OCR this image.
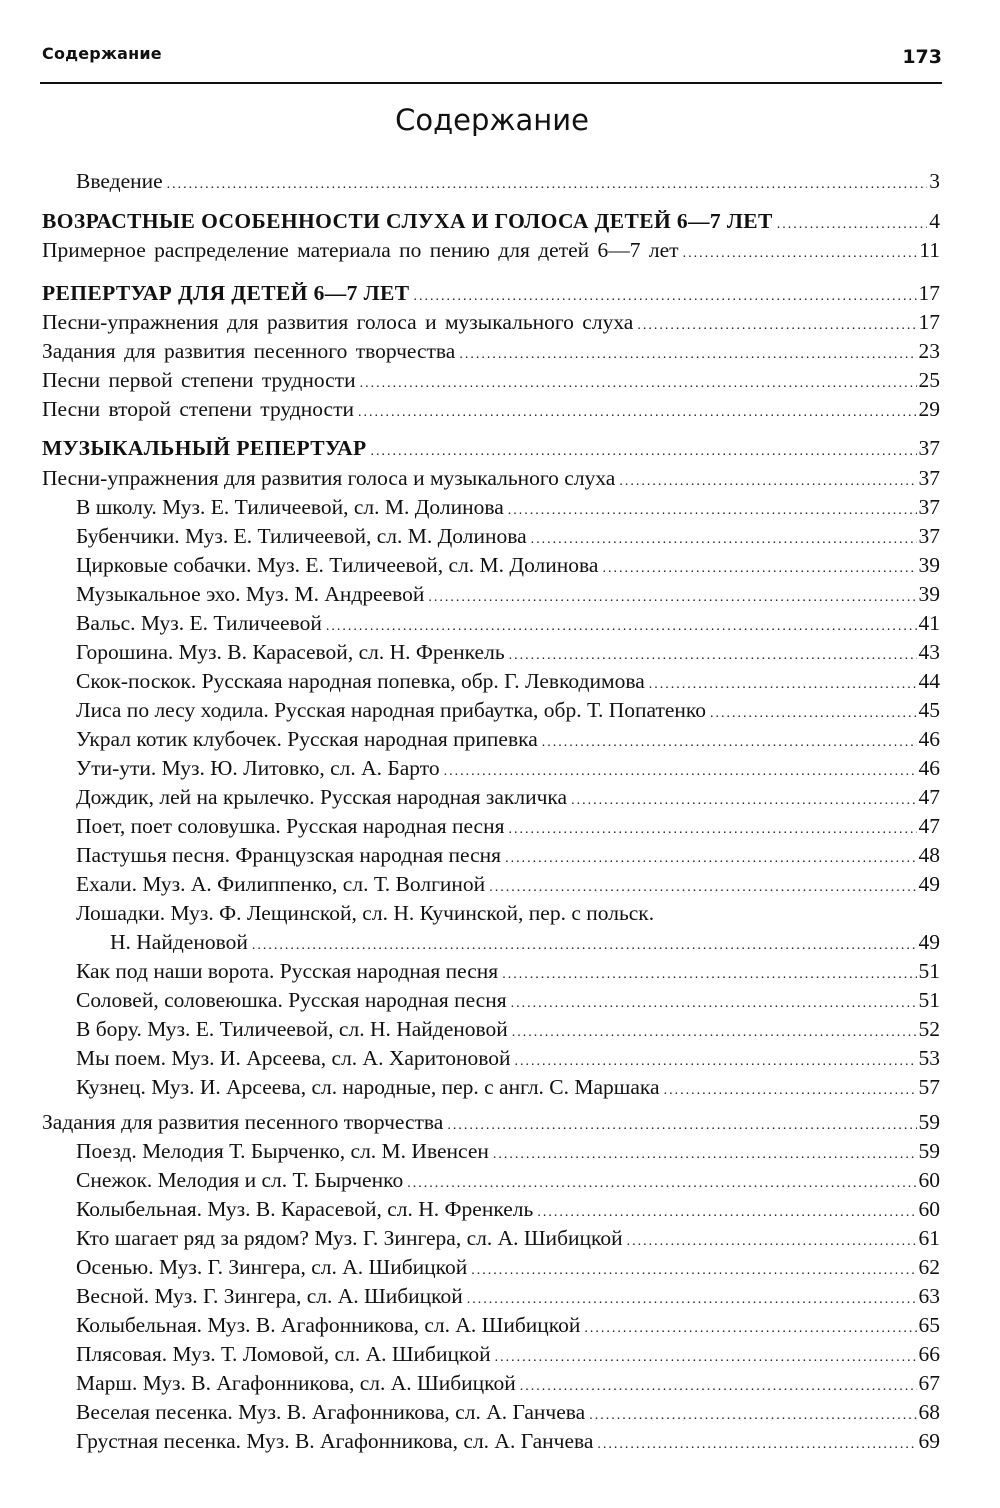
Содержание	173
Содержание
Введение .....	3
ВОЗРАСТНЫЕ ОСОБЕННОСТИ СЛУХА И ГОЛОСА ДЕТЕЙ 6—7 ЛЕТ .....	4
Примерное распределение материала по пению для детей 6—7 лет .....	11
РЕПЕРТУАР ДЛЯ ДЕТЕЙ 6—7 ЛЕТ .....	17
Песни-упражнения для развития голоса и музыкального слуха .....	17
Задания для развития песенного творчества .....	23
Песни первой степени трудности .....	25
Песни второй степени трудности .....	29
МУЗЫКАЛЬНЫЙ РЕПЕРТУАР .....	37
Песни-упражнения для развития голоса и музыкального слуха .....	37
В школу. Муз. Е. Тиличеевой, сл. М. Долинова .....	37
Бубенчики. Муз. Е. Тиличеевой, сл. М. Долинова .....	37
Цирковые собачки. Муз. Е. Тиличеевой, сл. М. Долинова .....	39
Музыкальное эхо. Муз. М. Андреевой .....	39
Вальс. Муз. Е. Тиличеевой .....	41
Горошина. Муз. В. Карасевой, сл. Н. Френкель .....	43
Скок-поскок. Русскаяа народная попевка, обр. Г. Левкодимова .....	44
Лиса по лесу ходила. Русская народная прибаутка, обр. Т. Попатенко .....	45
Украл котик клубочек. Русская народная припевка .....	46
Ути-ути. Муз. Ю. Литовко, сл. А. Барто .....	46
Дождик, лей на крылечко. Русская народная закличка .....	47
Поет, поет соловушка. Русская народная песня .....	47
Пастушья песня. Французская народная песня .....	48
Ехали. Муз. А. Филиппенко, сл. Т. Волгиной .....	49
Лошадки. Муз. Ф. Лещинской, сл. Н. Кучинской, пер. с польск.
Н. Найденовой .....	49
Как под наши ворота. Русская народная песня .....	51
Соловей, соловеюшка. Русская народная песня .....	51
В бору. Муз. Е. Тиличеевой, сл. Н. Найденовой .....	52
Мы поем. Муз. И. Арсеева, сл. А. Харитоновой .....	53
Кузнец. Муз. И. Арсеева, сл. народные, пер. с англ. С. Маршака .....	57
Задания для развития песенного творчества .....	59
Поезд. Мелодия Т. Бырченко, сл. М. Ивенсен .....	59
Снежок. Мелодия и сл. Т. Бырченко .....	60
Колыбельная. Муз. В. Карасевой, сл. Н. Френкель .....	60
Кто шагает ряд за рядом? Муз. Г. Зингера, сл. А. Шибицкой .....	61
Осенью. Муз. Г. Зингера, сл. А. Шибицкой .....	62
Весной. Муз. Г. Зингера, сл. А. Шибицкой .....	63
Колыбельная. Муз. В. Агафонникова, сл. А. Шибицкой .....	65
Плясовая. Муз. Т. Ломовой, сл. А. Шибицкой .....	66
Марш. Муз. В. Агафонникова, сл. А. Шибицкой .....	67
Веселая песенка. Муз. В. Агафонникова, сл. А. Ганчева .....	68
Грустная песенка. Муз. В. Агафонникова, сл. А. Ганчева .....	69
